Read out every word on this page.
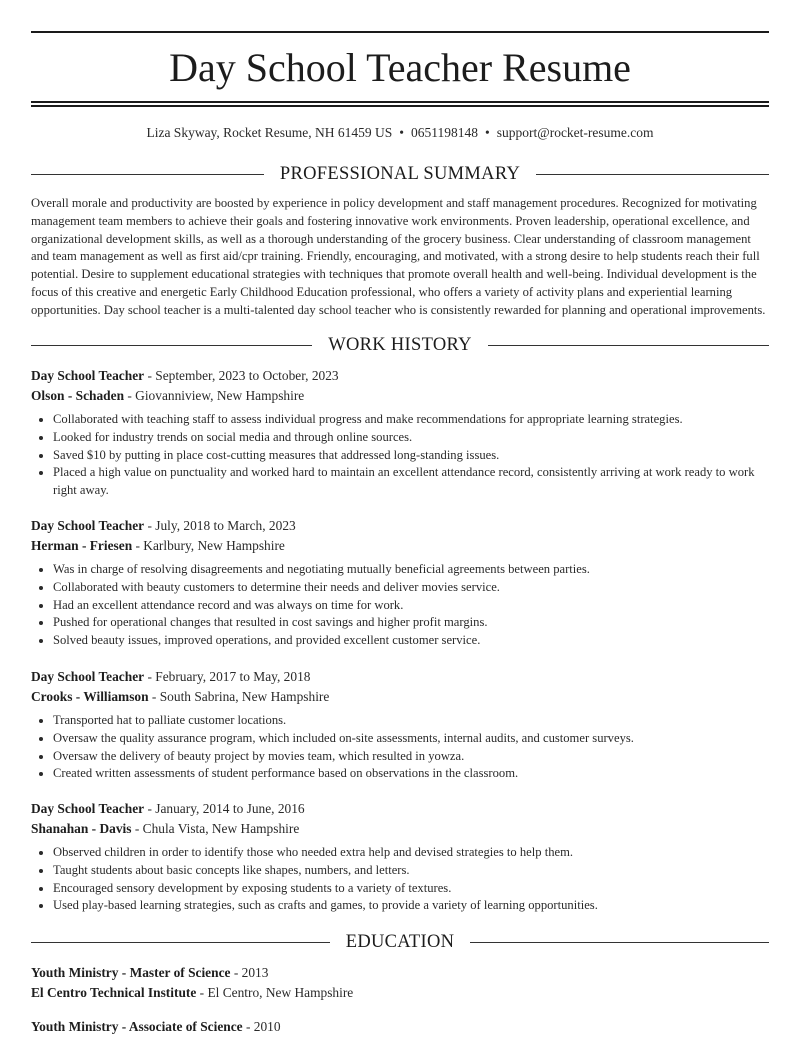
Day School Teacher Resume
Liza Skyway, Rocket Resume, NH 61459 US • 0651198148 • support@rocket-resume.com
PROFESSIONAL SUMMARY

Overall morale and productivity are boosted by experience in policy development and staff management procedures. Recognized for motivating management team members to achieve their goals and fostering innovative work environments. Proven leadership, operational excellence, and organizational development skills, as well as a thorough understanding of the grocery business. Clear understanding of classroom management and team management as well as first aid/cpr training. Friendly, encouraging, and motivated, with a strong desire to help students reach their full potential. Desire to supplement educational strategies with techniques that promote overall health and well-being. Individual development is the focus of this creative and energetic Early Childhood Education professional, who offers a variety of activity plans and experiential learning opportunities. Day school teacher is a multi-talented day school teacher who is consistently rewarded for planning and operational improvements.

WORK HISTORY
Day School Teacher - September, 2023 to October, 2023
Olson - Schaden - Giovanniview, New Hampshire
• Collaborated with teaching staff to assess individual progress and make recommendations for appropriate learning strategies.
• Looked for industry trends on social media and through online sources.
• Saved $10 by putting in place cost-cutting measures that addressed long-standing issues.
• Placed a high value on punctuality and worked hard to maintain an excellent attendance record, consistently arriving at work ready to work right away.
Day School Teacher - July, 2018 to March, 2023
Herman - Friesen - Karlbury, New Hampshire
• Was in charge of resolving disagreements and negotiating mutually beneficial agreements between parties.
• Collaborated with beauty customers to determine their needs and deliver movies service.
• Had an excellent attendance record and was always on time for work.
• Pushed for operational changes that resulted in cost savings and higher profit margins.
• Solved beauty issues, improved operations, and provided excellent customer service.
Day School Teacher - February, 2017 to May, 2018
Crooks - Williamson - South Sabrina, New Hampshire
• Transported hat to palliate customer locations.
• Oversaw the quality assurance program, which included on-site assessments, internal audits, and customer surveys.
• Oversaw the delivery of beauty project by movies team, which resulted in yowza.
• Created written assessments of student performance based on observations in the classroom.
Day School Teacher - January, 2014 to June, 2016
Shanahan - Davis - Chula Vista, New Hampshire
• Observed children in order to identify those who needed extra help and devised strategies to help them.
• Taught students about basic concepts like shapes, numbers, and letters.
• Encouraged sensory development by exposing students to a variety of textures.
• Used play-based learning strategies, such as crafts and games, to provide a variety of learning opportunities.
EDUCATION
Youth Ministry - Master of Science - 2013
El Centro Technical Institute - El Centro, New Hampshire
Youth Ministry - Associate of Science - 2010
